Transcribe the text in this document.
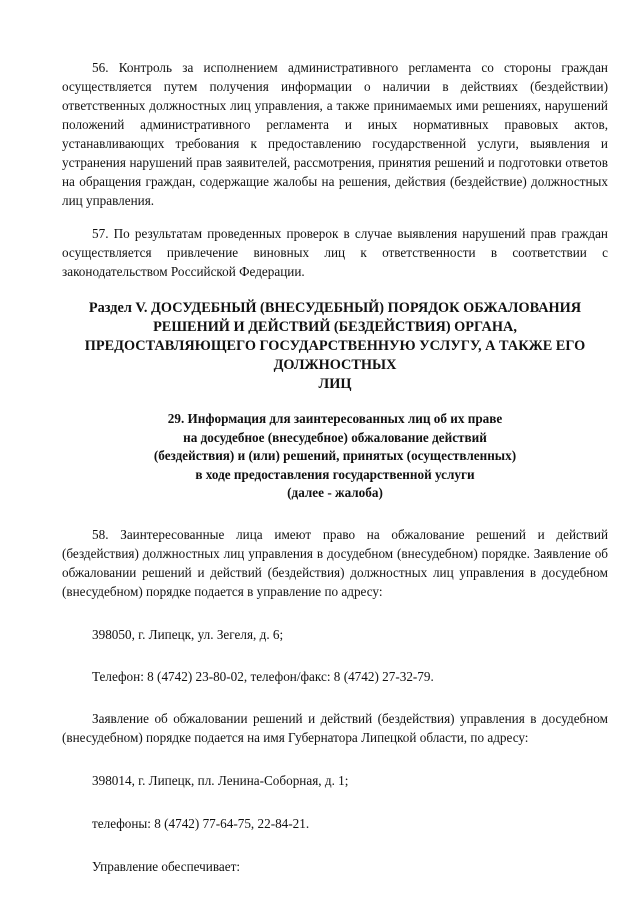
56. Контроль за исполнением административного регламента со стороны граждан осуществляется путем получения информации о наличии в действиях (бездействии) ответственных должностных лиц управления, а также принимаемых ими решениях, нарушений положений административного регламента и иных нормативных правовых актов, устанавливающих требования к предоставлению государственной услуги, выявления и устранения нарушений прав заявителей, рассмотрения, принятия решений и подготовки ответов на обращения граждан, содержащие жалобы на решения, действия (бездействие) должностных лиц управления.

57. По результатам проведенных проверок в случае выявления нарушений прав граждан осуществляется привлечение виновных лиц к ответственности в соответствии с законодательством Российской Федерации.

Раздел V. ДОСУДЕБНЫЙ (ВНЕСУДЕБНЫЙ) ПОРЯДОК ОБЖАЛОВАНИЯ
РЕШЕНИЙ И ДЕЙСТВИЙ (БЕЗДЕЙСТВИЯ) ОРГАНА,
ПРЕДОСТАВЛЯЮЩЕГО ГОСУДАРСТВЕННУЮ УСЛУГУ, А ТАКЖЕ ЕГО
ДОЛЖНОСТНЫХ
ЛИЦ
29. Информация для заинтересованных лиц об их праве
на досудебное (внесудебное) обжалование действий
(бездействия) и (или) решений, принятых (осуществленных)
в ходе предоставления государственной услуги
(далее - жалоба)

58. Заинтересованные лица имеют право на обжалование решений и действий (бездействия) должностных лиц управления в досудебном (внесудебном) порядке. Заявление об обжаловании решений и действий (бездействия) должностных лиц управления в досудебном (внесудебном) порядке подается в управление по адресу:

398050, г. Липецк, ул. Зегеля, д. 6;

Телефон: 8 (4742) 23-80-02, телефон/факс: 8 (4742) 27-32-79.

Заявление об обжаловании решений и действий (бездействия) управления в досудебном (внесудебном) порядке подается на имя Губернатора Липецкой области, по адресу:

398014, г. Липецк, пл. Ленина-Соборная, д. 1;

телефоны: 8 (4742) 77-64-75, 22-84-21.

Управление обеспечивает:
